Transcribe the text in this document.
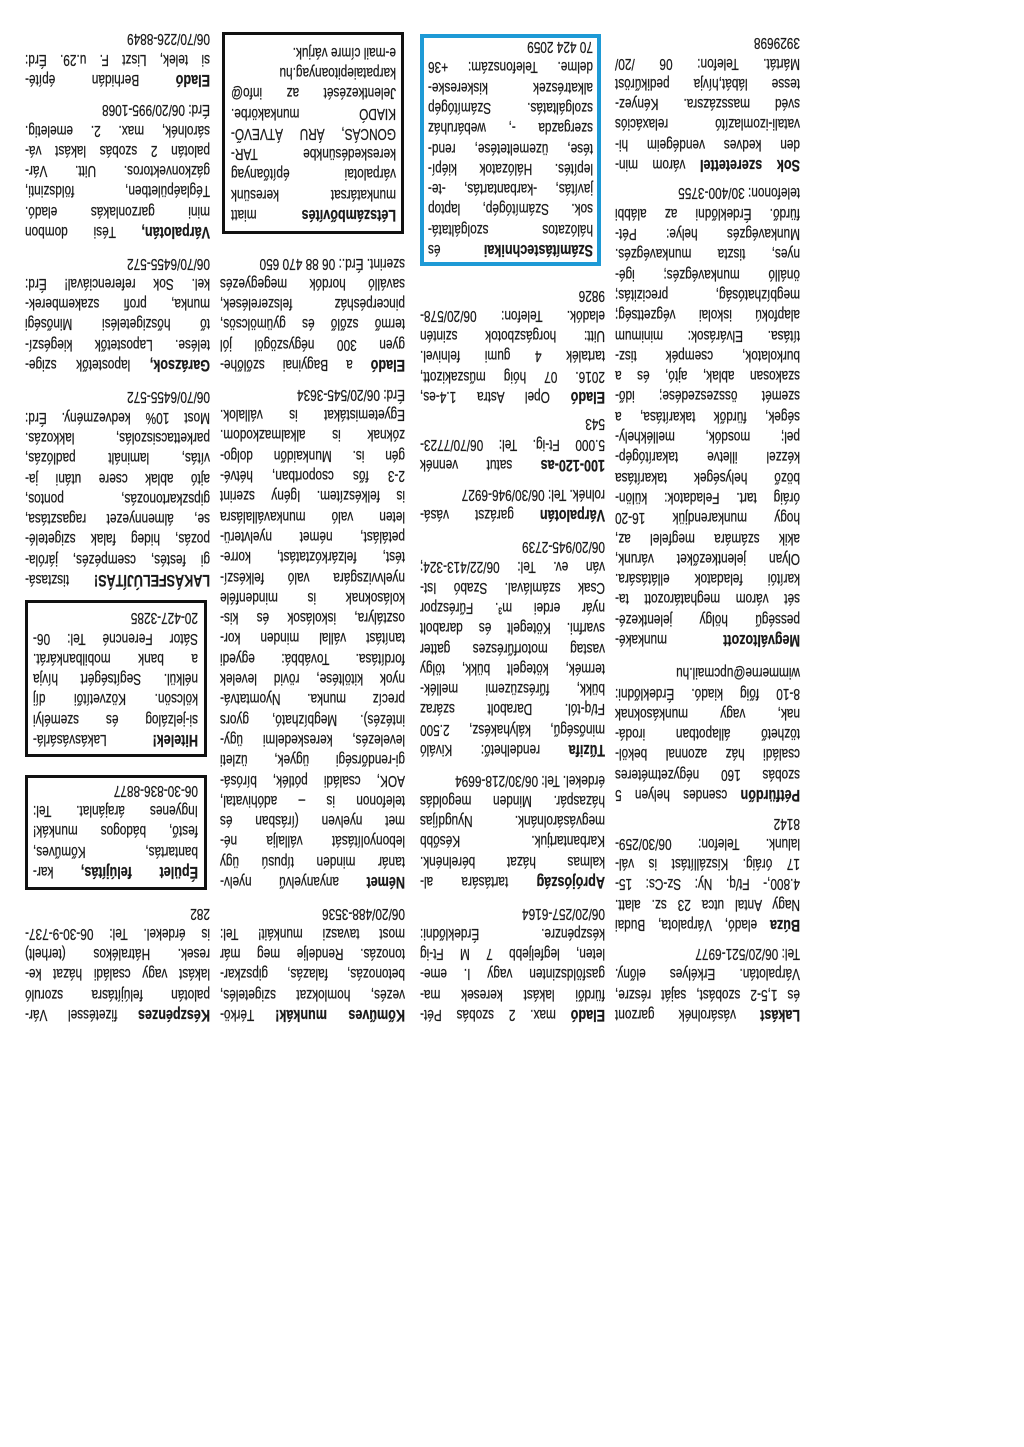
Lakást vásárolnék garzont
és 1,5-2 szobást, saját részre,
Várpalotán. Erkélyes előny.

Tel: 06/20/521-6977

Búza eladó, Várpalota, Budai
Nagy Antal utca 23 sz. alatt.
4.800,- Ft/q. Ny: Sz-Cs: 15-
17 óráig. Kiszállítást is vál-
lalunk. Telefon: 06/30/259-

8142

Pétfürdőn csendes helyen 5
szobás 160 négyzetméteres
családi ház azonnal beköl-
tözhető állapotban irodá-
nak, vagy munkásoknak
8-10 főig kiadó. Érdeklődni:

wimmerne@upcmail.hu

Megváltozott munkaké-
pességű hölgy jelentkezé-
sét várom meghatározott ta-
karítói feladatok ellátására.
Olyan jelentkezőket várunk,
akik számára megfelel az,
hogy munkarendjük 16-20
óráig tart. Feladatok: külön-
böző helységek takarítása
kézzel illetve takarítógép-
pel; mosdók, mellékhely-
ségek, fürdők takarítása, a
szemét összeszedése; idő-
szakosan ablak, ajtó, és a
burkolatok, csempék tisz-
títása. Elvárások: minimum
alapfokú iskolai végzettség;
megbízhatóság, precizitás;
önálló munkavégzés; igé-
nyes, tiszta munkavégzés.
Munkavégzés helye: Pét-
fürdő. Érdeklődni az alábbi

telefonon: 30/400-3755

Sok szeretettel várom min-
den kedves vendégeim hi-
vatali-izomlazító relaxációs
svéd masszázsra. Kényez-
tesse lábát,hívja pedikűröst
Mártát. Telefon: 06 /20/

3929698

Eladó max. 2 szobás Pét-
fürdői lakást keresek ma-
gasföldszinten vagy I. eme-
leten, legfeljebb 7 M Ft-ig
készpénzre. Érdeklődni:

06/20/257-6164

Aprójószág tartására al-
kalmas házat bérelnénk.
Karbantartjuk. Később
megvásárolnánk. Nyugdíjas
házaspár. Minden megoldás

érdekel. Tel: 06/30/218-6694

Tűzifa rendelhető: Kiváló
minőségű, kályhakész, 2.500
Ft/q-tól. Darabolt száraz
bükk, fűrészüzemi mellék-
termék, kötegelt bükk, tölgy
vastag motorfűrészes gatter
svarfni. Kötegelt és darabolt
nyár erdei m³. Fűrészpor
Csak számlával. Szabó Ist-
ván ev. Tel: 06/22/413-324;

06/20/945-2739

Várpalotán garázst vásá-

rolnék. Tel: 06/30/946-6927

100-120-as satut vennék
5.000 Ft-ig. Tel: 06/70/7723-

543

Eladó Opel Astra 1.4-es,
2016. 07 hóig műszakizott,
tartalék 4 gumi felnivel.
Uitt: horgászbotok szintén
eladók. Telefon: 06/20/578-

9826

Számítástechnikai és
hálózatos szolgáltatá-
sok. Számítógép, laptop
javítás, -karbantartás, -te-
lepítés. Hálózatok kiépí-
tése, üzemeltetése, rend-
szergazda -, webáruház
szolgáltatás. Számítógép
alkatrészek kiskereske-
delme. Telefonszám: +36

70 424 2059

Kőműves munkák! Térkö-
vezés, homlokzat szigetelés,
betonozás, falazás, gipszkar-
tonozás. Rendelje meg már
most tavaszi munkáit! Tel:

06/20/488-3536

Német anyanyelvű nyelv-
tanár minden típusú ügy
lebonyolítását vállalja né-
met nyelven (írásban és
telefonon is – adóhivatal,
AOK, családi pótlék, bírósá-
gi-rendőrségi ügyek, üzleti
levelezés, kereskedelmi ügy-
intézés). Megbízható, gyors
precíz munka. Nyomtatvá-
nyok kitöltése, rövid levelek
fordítása. Továbbá: egyedi
tanítást vállal minden kor-
osztályra, iskolások és kis-
kolásoknak is mindenféle
nyelvvizsgára való felkészí-
tést, felzárkóztatást, korre-
petálást, német nyelvterü-
leten való munkavállalásra
is felkészítem. Igény szerint
2-3 fős csoportban, hétvé-
gén is. Munkaidőn dolgo-
zóknak is alkalmazkodom.
Egyetemistákat is vállalok.

Érd: 06/20/545-3634

Eladó a Bagyinai szőlőhe-
gyen 300 négyszögöl jól
termő szőlő és gyümölcsös,
pincerpésház felszerelések,
saválló hordók megegyezés

szerint. Érd.: 06 88 470 650

Létszámbővítés miatt
munkatársat keresünk
várpalotai építőanyag
kereskedésünkbe TAR-
GONCÁS, ÁRU ÁTVEVŐ-
KIADÓ munkakörbe.
Jelentkezését az info@
karpataiepitoanyag.hu

e-mail címre várjuk.

Készpénzes fizetéssel Vár-
palotán felújításra szoruló
lakást vagy családi házat ke-
resek. Hátralékos (terhelt)
is érdekel. Tel: 06-30-9-737-

282

Épület felújítás, kar-
bantartás, Kőműves,
festő, bádogos munkák!
Ingyenes árajánlat. Tel:

06-30-836-8877

Hitelek! Lakásvásárlá-
si-jelzálog és személyi
kölcsön. Közvetítői díj
nélkül. Segítségért hívja
a bank mobilbankárát.
Sátor Ferencné Tel: 06-

20-427-3285

LAKÁSFELÚJÍTÁS! tisztasá-
gi festés, csempézés, járóla-
pozás, hideg falak szigetelé-
se, álmennyezet ragasztása,
gipszkartonozás, pontos,
ajtó ablak csere utáni ja-
vítás, laminált padlózás,
parkettacsiszolás, lakkozás.
Most 10% kedvezmény. Érd:

06/70/6455-572

Garázsok, lapostetők szige-
telése. Lapostetők kiegészí-
tő hőszigetelési Minőségi
munka, profi szakemberek-
kel. Sok referenciával! Érd:

06/70/6455-572

Várpalotán, Tési dombon
mini garzonlakás eladó.
Téglaépületben, földszinti,
gázkonvektoros. Uitt. Vár-
palotán 2 szobás lakást vá-
sárolnék, max. 2. emeletig.

Érd: 06/20/995-1068

Eladó Berhidán építé-
si telek, Liszt F. u.29. Érd:

06/70/226-8849
